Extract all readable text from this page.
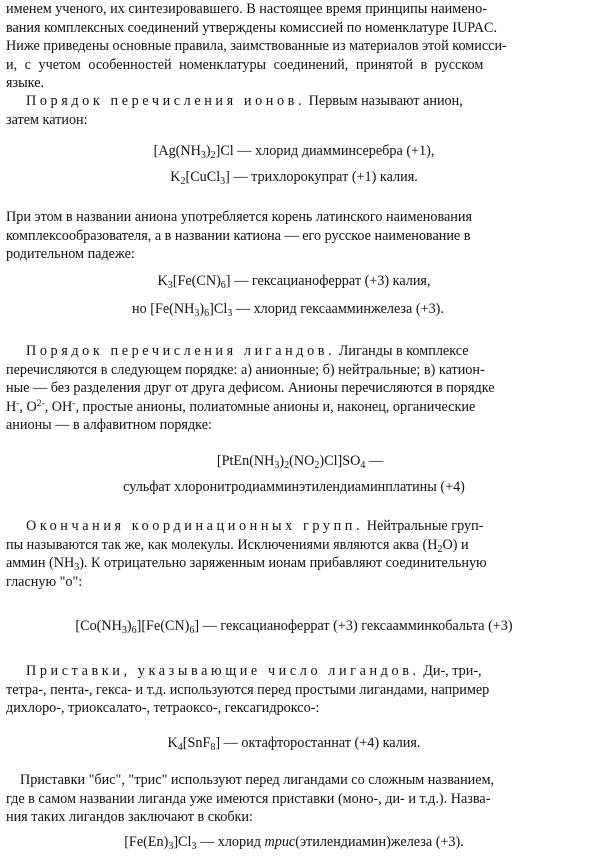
именем ученого, их синтезировавшего. В настоящее время принципы наимено-

вания комплексных соединений утверждены комиссией по номенклатуре IUPAC.

Ниже приведены основные правила, заимствованные из материалов этой комисси-

и, с учетом особенностей номенклатуры соединений, принятой в русском

языке.

Порядок перечисления ионов. Первым называют анион,

затем катион:

$[Ag(NH_3)_2]Cl$ — хлорид диамминсеребра (+1),

$K_2[CuCl_3]$ — трихлорокупрат (+1) калия.

При этом в названии аниона употребляется корень латинского наименования

комплексообразователя, а в названии катиона — его русское наименование в

родительном падеже:

$K_3[Fe(CN)_6]$ — гексацианоферрат (+3) калия,

но $[Fe(NH_3)_6]Cl_3$ — хлорид гексаамминжелеза (+3).

Порядок перечисления лигандов. Лиганды в комплексе

перечисляются в следующем порядке: а) анионные; б) нейтральные; в) катион-

ные — без разделения друг от друга дефисом. Анионы перечисляются в порядке

H-, $O^{2-}$, OH-, простые анионы, полиатомные анионы и, наконец, органические

анионы — в алфавитном порядке:

$[PtEn(NH_3)_2(NO_2)Cl]SO_4$ —

сульфат хлоронитродиамминэтилендиаминплатины (+4)

Окончания координационных групп. Нейтральные груп-

пы называются так же, как молекулы. Исключениями являются аква $(H_2O)$ и

аммин $(NH_3)$. К отрицательно заряженным ионам прибавляют соединительную

гласную "о":

$[Co(NH_3)_6][Fe(CN)_6]$ — гексацианоферрат (+3) гексаамминкобальта (+3)

Приставки, указывающие число лигандов. Ди-, три-,

тетра-, пента-, гекса- и т.д. используются перед простыми лигандами, например

дихлоро-, триоксалато-, тетраоксо-, гексагидроксо-:

$K_4[SnF_8]$ — октафторостаннат (+4) калия.

Приставки "бис", "трис" используют перед лигандами со сложным названием,

где в самом названии лиганда уже имеются приставки (моно-, ди- и т.д.). Назва-

ния таких лигандов заключают в скобки:

$[Fe(En)_3]Cl_3$ — хлорид трис(этилендиамин)железа (+3).
